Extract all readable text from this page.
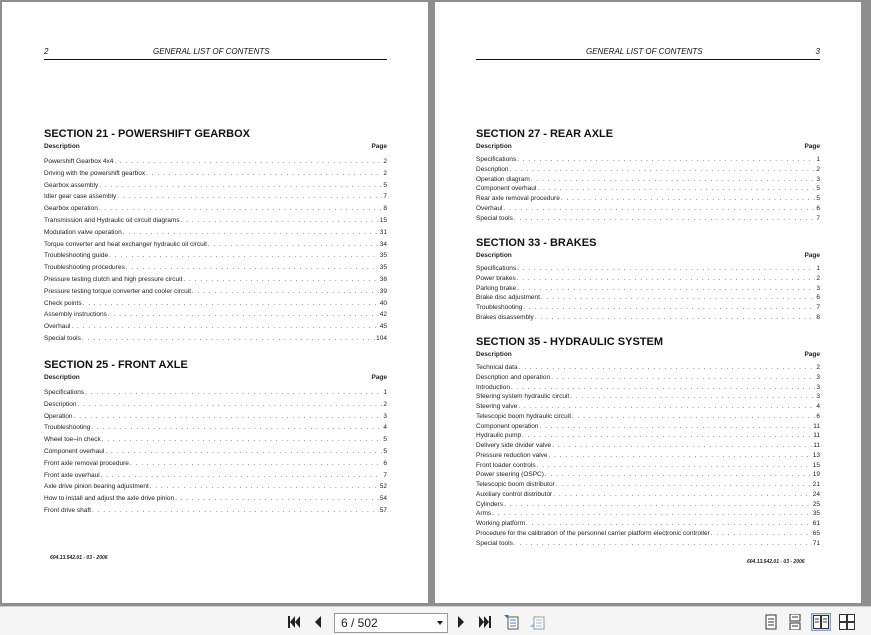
2	GENERAL LIST OF CONTENTS
SECTION 21 - POWERSHIFT GEARBOX
Description	Page
Powershift Gearbox 4x4 . . .	2
Driving with the powershift gearbox . . .	2
Gearbox assembly . . .	5
Idler gear case assembly . . .	7
Gearbox operation . . .	8
Transmission and Hydraulic oil circuit diagrams . . .	15
Modulation valve operation . . .	31
Torque converter and heat exchanger hydraulic oil circuit . . .	34
Troubleshooting guide . . .	35
Troubleshooting procedures . . .	35
Pressure testing clutch and high pressure circuit . . .	38
Pressure testing torque converter and cooler circuit . . .	39
Check points . . .	40
Assembly instructions . . .	42
Overhaul . . .	45
Special tools . . .	104
SECTION 25 - FRONT AXLE
Description	Page
Specifications . . .	1
Description . . .	2
Operation . . .	3
Troubleshooting . . .	4
Wheel toe–in check . . .	5
Component overhaul . . .	5
Front axle removal procedure . . .	6
Front axle overhaul . . .	7
Axle drive pinion bearing adjustment . . .	52
How to install and adjust the axle drive pinion . . .	54
Front drive shaft . . .	57
604.13.542.01 - 03 - 2006
GENERAL LIST OF CONTENTS	3
SECTION 27 - REAR AXLE
Description	Page
Specifications . . .	1
Description . . .	2
Operation diagram . . .	3
Component overhaul . . .	5
Rear axle removal procedure . . .	5
Overhaul . . .	6
Special tools . . .	7
SECTION 33 - BRAKES
Description	Page
Specifications . . .	1
Power brakes . . .	2
Parking brake . . .	3
Brake disc adjustment . . .	6
Troubleshooting . . .	7
Brakes disassembly . . .	8
SECTION 35 - HYDRAULIC SYSTEM
Description	Page
Technical data . . .	2
Description and operation . . .	3
Introduction . . .	3
Steering system hydraulic circuit . . .	3
Steering valve . . .	4
Telescopic boom hydraulic circuit . . .	6
Component operation . . .	11
Hydraulic pump . . .	11
Delivery side divider valve . . .	11
Pressure reduction valve . . .	13
Front loader controls . . .	15
Power steering (OSPC) . . .	19
Telescopic boom distributor . . .	21
Auxiliary control distributor . . .	24
Cylinders . . .	25
Arms . . .	35
Working platform . . .	61
Procedure for the calibration of the personnel carrier platform electronic controller . . .	65
Special tools . . .	71
604.13.542.01 - 03 - 2006
6 / 502
